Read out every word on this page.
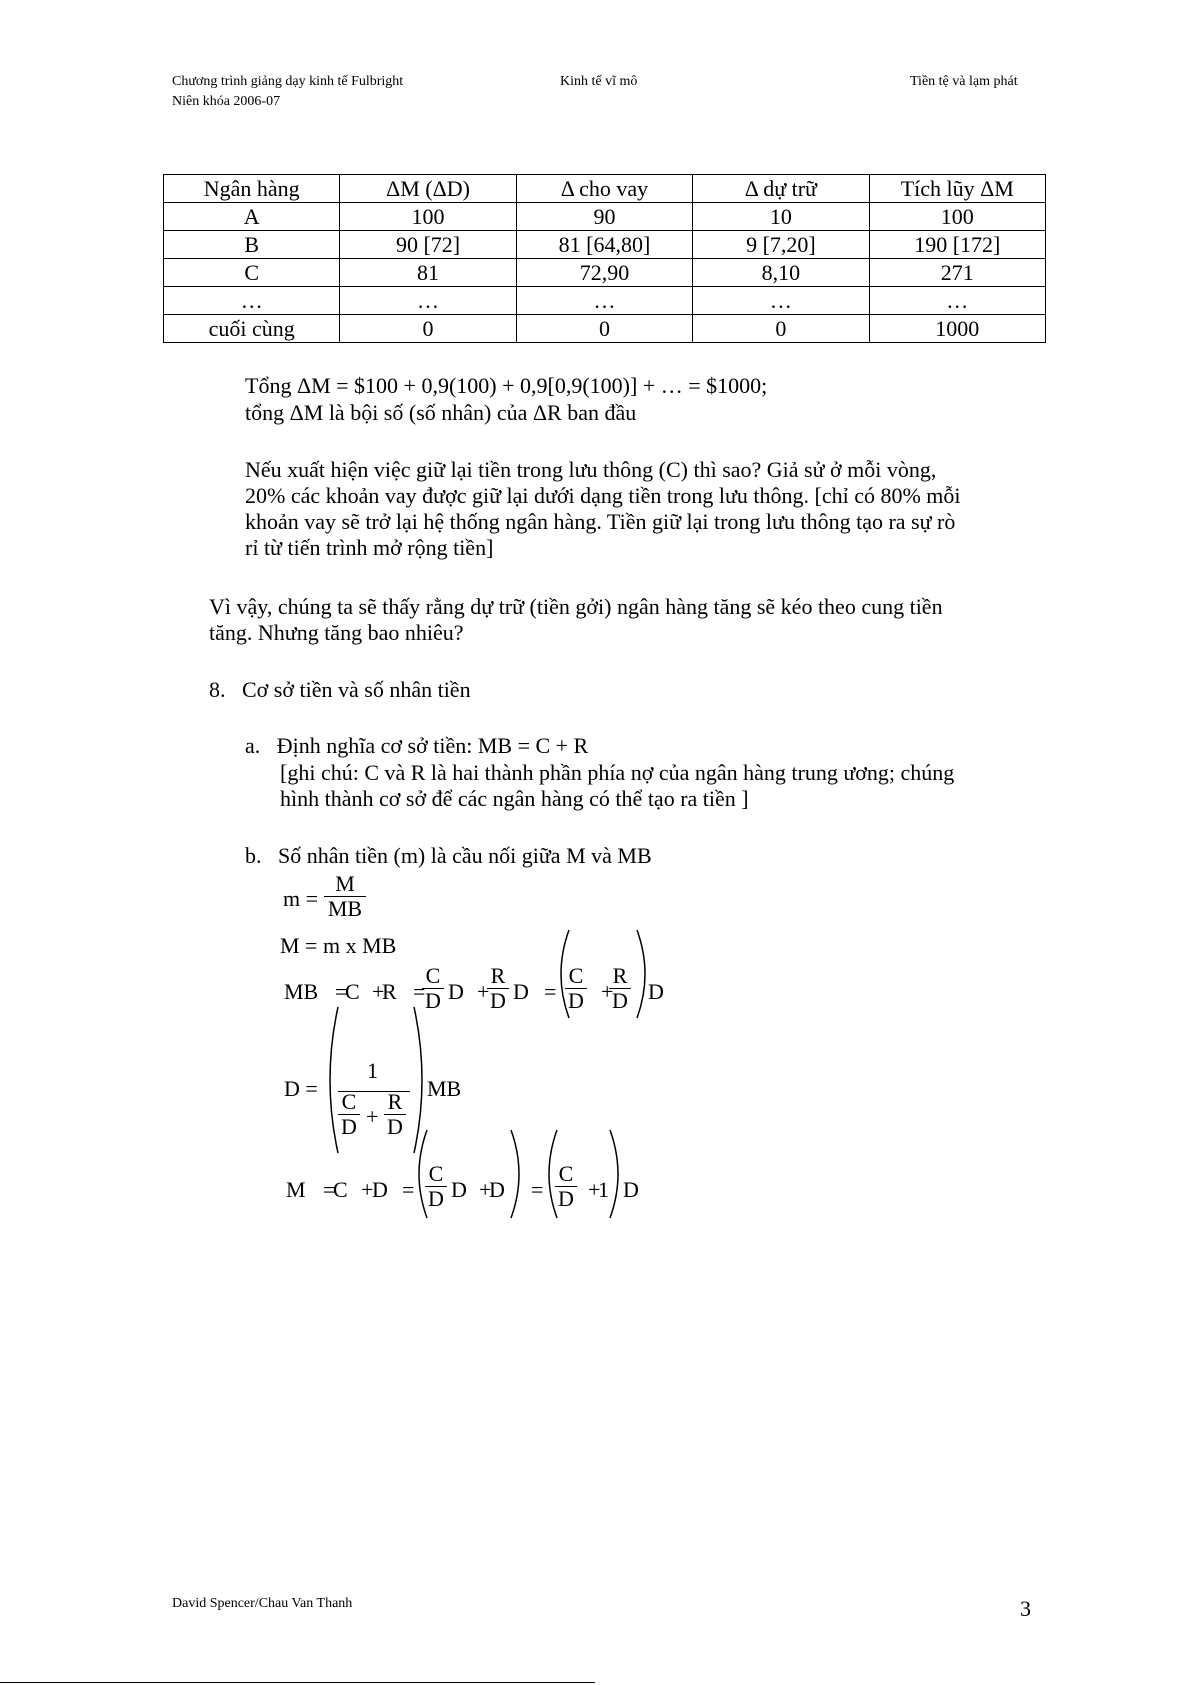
Chương trình giảng dạy kinh tế Fulbright
Niên khóa 2006-07
Kinh tế vĩ mô	Tiền tệ và lạm phát
Ngân hàng	ΔM (ΔD)	Δ cho vay	Δ dự trữ	Tích lũy ΔM
A	100	90	10	100
B	90 [72]	81 [64,80]	9 [7,20]	190 [172]
C	81	72,90	8,10	271
…	…	…	…	…
cuối cùng	0	0	0	1000

Tổng ΔM = $100 + 0,9(100) + 0,9[0,9(100)] + … = $1000;

tổng ΔM là bội số (số nhân) của ΔR ban đầu

Nếu xuất hiện việc giữ lại tiền trong lưu thông (C) thì sao? Giả sử ở mỗi vòng,

20% các khoản vay được giữ lại dưới dạng tiền trong lưu thông. [chỉ có 80% mỗi

khoản vay sẽ trở lại hệ thống ngân hàng. Tiền giữ lại trong lưu thông tạo ra sự rò

rỉ từ tiến trình mở rộng tiền]

Vì vậy, chúng ta sẽ thấy rằng dự trữ (tiền gởi) ngân hàng tăng sẽ kéo theo cung tiền

tăng. Nhưng tăng bao nhiêu?

8.   Cơ sở tiền và số nhân tiền

a.   Định nghĩa cơ sở tiền: MB = C + R

[ghi chú: C và R là hai thành phần phía nợ của ngân hàng trung ương; chúng

hình thành cơ sở để các ngân hàng có thể tạo ra tiền ]

b.   Số nhân tiền (m) là cầu nối giữa M và MB

m =
M
MB
M = m x MB
MB =
C +
R =
C
D D +
R
D D =
C
D +
R
D D
D =
1
C
D +
R
D
MB
M =
C +
D =
C
D D +
D =
C
D +
1 D
David Spencer/Chau Van Thanh	3
